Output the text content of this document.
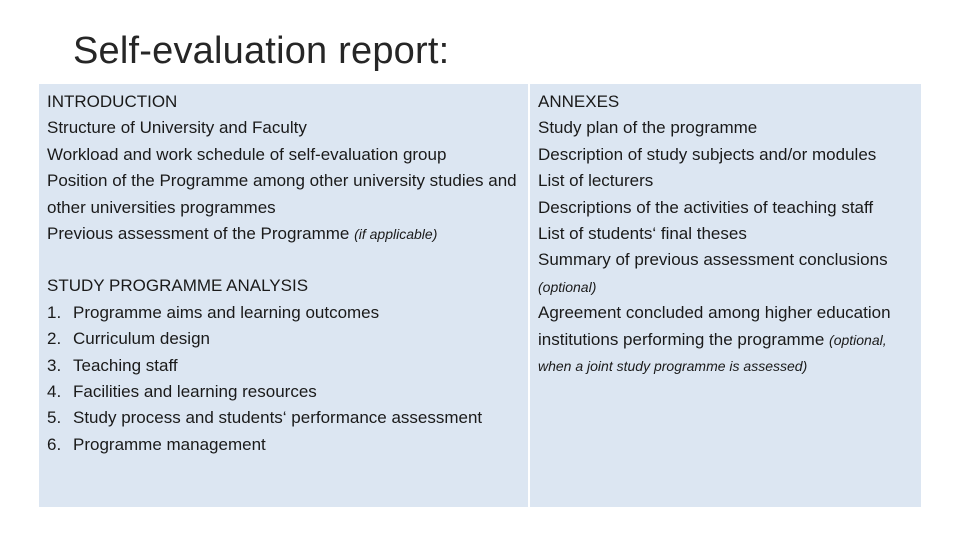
Self-evaluation report:
INTRODUCTION
Structure of University and Faculty
Workload and work schedule of self-evaluation group
Position of the Programme among other university studies and other universities programmes
Previous assessment of the Programme (if applicable)
STUDY PROGRAMME ANALYSIS
1. Programme aims and learning outcomes
2. Curriculum design
3. Teaching staff
4. Facilities and learning resources
5. Study process and students‘ performance assessment
6. Programme management
ANNEXES
Study plan of the programme
Description of study subjects and/or modules
List of lecturers
Descriptions of the activities of teaching staff
List of students‘ final theses
Summary of previous assessment conclusions (optional)
Agreement concluded among higher education institutions performing the programme (optional, when a joint study programme is assessed)
